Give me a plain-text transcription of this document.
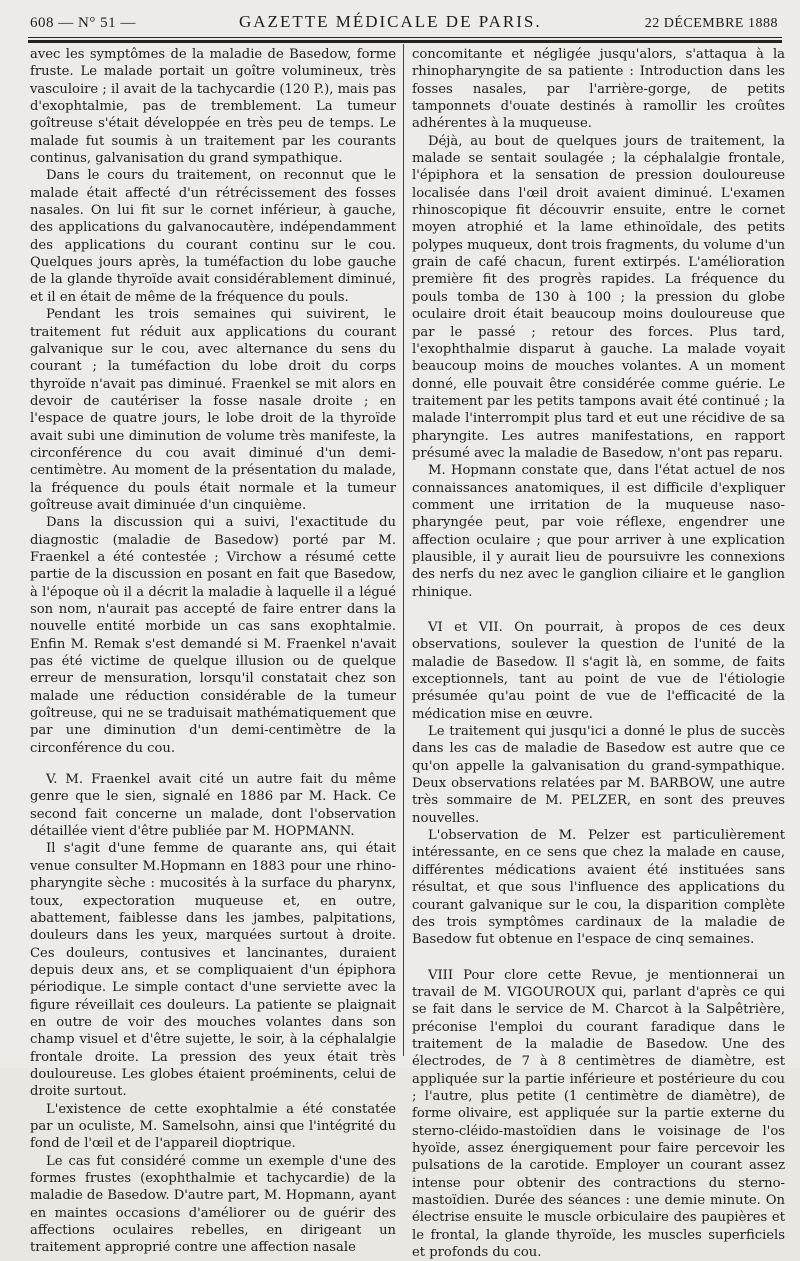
608 — N° 51 —	GAZETTE MÉDICALE DE PARIS.	22 DÉCEMBRE 1888

avec les symptômes de la maladie de Basedow, forme fruste. Le malade portait un goître volumineux, très vasculoire ; il avait de la tachycardie (120 P.), mais pas d'exophtalmie, pas de tremblement. La tumeur goîtreuse s'était développée en très peu de temps. Le malade fut soumis à un traitement par les courants continus, galvanisation du grand sympathique.

Dans le cours du traitement, on reconnut que le malade était affecté d'un rétrécissement des fosses nasales. On lui fit sur le cornet inférieur, à gauche, des applications du galvanocautère, indépendamment des applications du courant continu sur le cou. Quelques jours après, la tuméfaction du lobe gauche de la glande thyroïde avait considérablement diminué, et il en était de même de la fréquence du pouls.

Pendant les trois semaines qui suivirent, le traitement fut réduit aux applications du courant galvanique sur le cou, avec alternance du sens du courant ; la tuméfaction du lobe droit du corps thyroïde n'avait pas diminué. Fraenkel se mit alors en devoir de cautériser la fosse nasale droite ; en l'espace de quatre jours, le lobe droit de la thyroïde avait subi une diminution de volume très manifeste, la circonférence du cou avait diminué d'un demi-centimètre. Au moment de la présentation du malade, la fréquence du pouls était normale et la tumeur goîtreuse avait diminuée d'un cinquième.

Dans la discussion qui a suivi, l'exactitude du diagnostic (maladie de Basedow) porté par M. Fraenkel a été contestée ; Virchow a résumé cette partie de la discussion en posant en fait que Basedow, à l'époque où il a décrit la maladie à laquelle il a légué son nom, n'aurait pas accepté de faire entrer dans la nouvelle entité morbide un cas sans exophtalmie. Enfin M. Remak s'est demandé si M. Fraenkel n'avait pas été victime de quelque illusion ou de quelque erreur de mensuration, lorsqu'il constatait chez son malade une réduction considérable de la tumeur goîtreuse, qui ne se traduisait mathématiquement que par une diminution d'un demi-centimètre de la circonférence du cou.

V. M. Fraenkel avait cité un autre fait du même genre que le sien, signalé en 1886 par M. Hack. Ce second fait concerne un malade, dont l'observation détaillée vient d'être publiée par M. HOPMANN.

Il s'agit d'une femme de quarante ans, qui était venue consulter M.Hopmann en 1883 pour une rhino-pharyngite sèche : mucosités à la surface du pharynx, toux, expectoration muqueuse et, en outre, abattement, faiblesse dans les jambes, palpitations, douleurs dans les yeux, marquées surtout à droite. Ces douleurs, contusives et lancinantes, duraient depuis deux ans, et se compliquaient d'un épiphora périodique. Le simple contact d'une serviette avec la figure réveillait ces douleurs. La patiente se plaignait en outre de voir des mouches volantes dans son champ visuel et d'être sujette, le soir, à la céphalalgie frontale droite. La pression des yeux était très douloureuse. Les globes étaient proéminents, celui de droite surtout.

L'existence de cette exophtalmie a été constatée par un oculiste, M. Samelsohn, ainsi que l'intégrité du fond de l'œil et de l'appareil dioptrique.

Le cas fut considéré comme un exemple d'une des formes frustes (exophthalmie et tachycardie) de la maladie de Basedow. D'autre part, M. Hopmann, ayant en maintes occasions d'améliorer ou de guérir des affections oculaires rebelles, en dirigeant un traitement approprié contre une affection nasale

concomitante et négligée jusqu'alors, s'attaqua à la rhinopharyngite de sa patiente : Introduction dans les fosses nasales, par l'arrière-gorge, de petits tamponnets d'ouate destinés à ramollir les croûtes adhérentes à la muqueuse.

Déjà, au bout de quelques jours de traitement, la malade se sentait soulagée ; la céphalalgie frontale, l'épiphora et la sensation de pression douloureuse localisée dans l'œil droit avaient diminué. L'examen rhinoscopique fit découvrir ensuite, entre le cornet moyen atrophié et la lame ethinoïdale, des petits polypes muqueux, dont trois fragments, du volume d'un grain de café chacun, furent extirpés. L'amélioration première fit des progrès rapides. La fréquence du pouls tomba de 130 à 100 ; la pression du globe oculaire droit était beaucoup moins douloureuse que par le passé ; retour des forces. Plus tard, l'exophthalmie disparut à gauche. La malade voyait beaucoup moins de mouches volantes. A un moment donné, elle pouvait être considérée comme guérie. Le traitement par les petits tampons avait été continué ; la malade l'interrompit plus tard et eut une récidive de sa pharyngite. Les autres manifestations, en rapport présumé avec la maladie de Basedow, n'ont pas reparu.

M. Hopmann constate que, dans l'état actuel de nos connaissances anatomiques, il est difficile d'expliquer comment une irritation de la muqueuse naso-pharyngée peut, par voie réflexe, engendrer une affection oculaire ; que pour arriver à une explication plausible, il y aurait lieu de poursuivre les connexions des nerfs du nez avec le ganglion ciliaire et le ganglion rhinique.

VI et VII. On pourrait, à propos de ces deux observations, soulever la question de l'unité de la maladie de Basedow. Il s'agit là, en somme, de faits exceptionnels, tant au point de vue de l'étiologie présumée qu'au point de vue de l'efficacité de la médication mise en œuvre.

Le traitement qui jusqu'ici a donné le plus de succès dans les cas de maladie de Basedow est autre que ce qu'on appelle la galvanisation du grand-sympathique. Deux observations relatées par M. BARBOW, une autre très sommaire de M. PELZER, en sont des preuves nouvelles.

L'observation de M. Pelzer est particulièrement intéressante, en ce sens que chez la malade en cause, différentes médications avaient été instituées sans résultat, et que sous l'influence des applications du courant galvanique sur le cou, la disparition complète des trois symptômes cardinaux de la maladie de Basedow fut obtenue en l'espace de cinq semaines.

VIII Pour clore cette Revue, je mentionnerai un travail de M. VIGOUROUX qui, parlant d'après ce qui se fait dans le service de M. Charcot à la Salpêtrière, préconise l'emploi du courant faradique dans le traitement de la maladie de Basedow. Une des électrodes, de 7 à 8 centimètres de diamètre, est appliquée sur la partie inférieure et postérieure du cou ; l'autre, plus petite (1 centimètre de diamètre), de forme olivaire, est appliquée sur la partie externe du sterno-cléido-mastoïdien dans le voisinage de l'os hyoïde, assez énergiquement pour faire percevoir les pulsations de la carotide. Employer un courant assez intense pour obtenir des contractions du sterno-mastoïdien. Durée des séances : une demie minute. On électrise ensuite le muscle orbiculaire des paupières et le frontal, la glande thyroïde, les muscles superficiels et profonds du cou.
